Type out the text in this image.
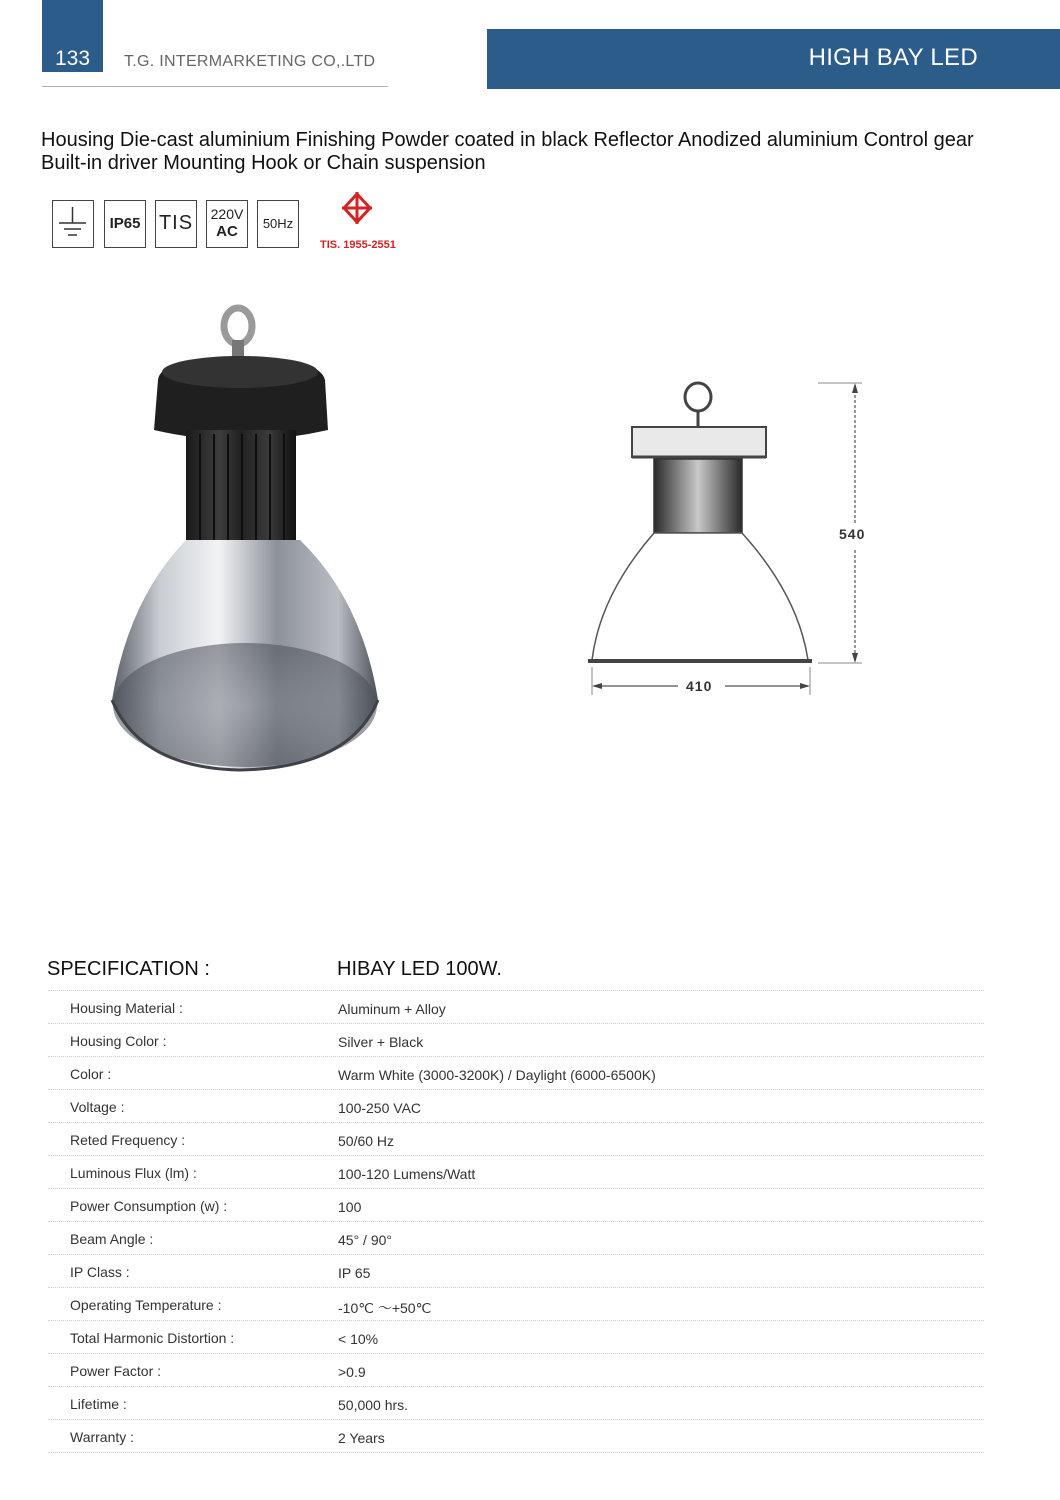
133	T.G. INTERMARKETING CO,.LTD	HIGH BAY LED
Housing Die-cast aluminium Finishing Powder coated in black Reflector Anodized aluminium Control gear Built-in driver Mounting Hook or Chain suspension
IP65 TIS 220V
AC	50Hz
TIS. 1955-2551
540
410
SPECIFICATION :	HIBAY LED 100W.
Housing Material :	Aluminum + Alloy
Housing Color :	Silver + Black
Color :	Warm White (3000-3200K) / Daylight (6000-6500K)
Voltage :	100-250 VAC
Reted Frequency :	50/60 Hz
Luminous Flux (lm) :	100-120 Lumens/Watt
Power Consumption (w) :	100
Beam Angle :	45° / 90°
IP Class :	IP 65
Operating Temperature :	-10℃ ～+50℃
Total Harmonic Distortion :	< 10%
Power Factor :	>0.9
Lifetime :	50,000 hrs.
Warranty :	2 Years
